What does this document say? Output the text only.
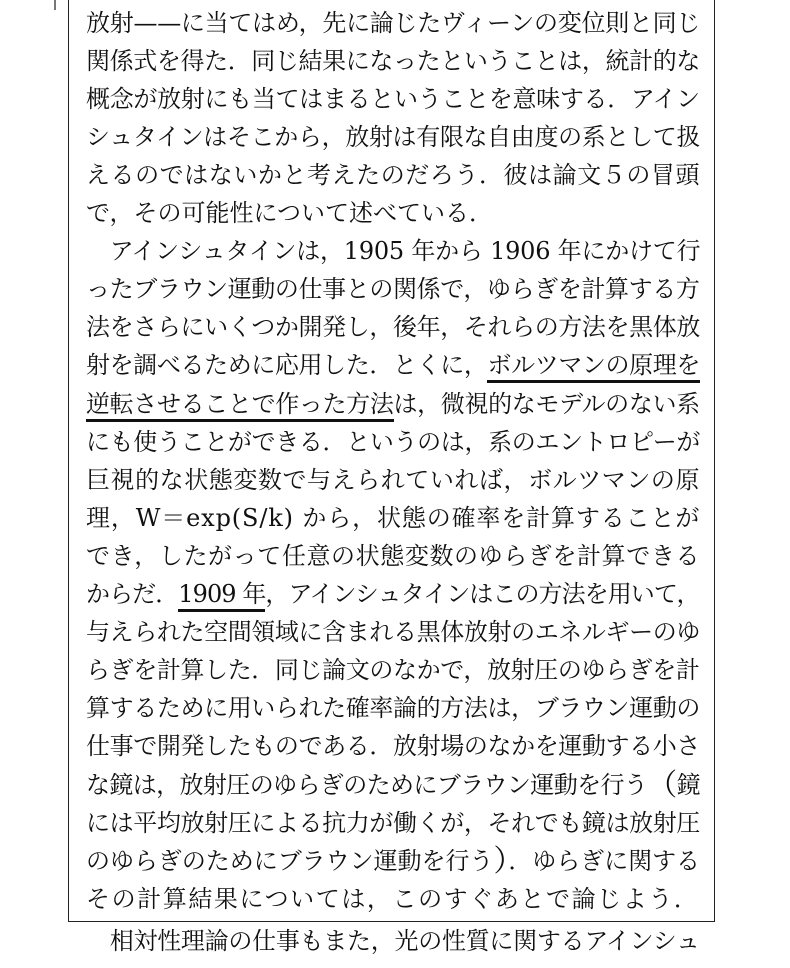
放射——に当てはめ，先に論じたヴィーンの変位則と同じ
関係式を得た．同じ結果になったということは，統計的な
概念が放射にも当てはまるということを意味する．アイン
シュタインはそこから，放射は有限な自由度の系として扱
えるのではないかと考えたのだろう．彼は論文５の冒頭
で，その可能性について述べている．
　アインシュタインは，1905 年から 1906 年にかけて行
ったブラウン運動の仕事との関係で，ゆらぎを計算する方
法をさらにいくつか開発し，後年，それらの方法を黒体放
射を調べるために応用した．とくに，ボルツマンの原理を
逆転させることで作った方法は，微視的なモデルのない系
にも使うことができる．というのは，系のエントロピーが
巨視的な状態変数で与えられていれば，ボルツマンの原
理，W＝exp(S/k) から，状態の確率を計算することが
でき，したがって任意の状態変数のゆらぎを計算できる
からだ．1909 年，アインシュタインはこの方法を用いて，
与えられた空間領域に含まれる黒体放射のエネルギーのゆ
らぎを計算した．同じ論文のなかで，放射圧のゆらぎを計
算するために用いられた確率論的方法は，ブラウン運動の
仕事で開発したものである．放射場のなかを運動する小さ
な鏡は，放射圧のゆらぎのためにブラウン運動を行う（鏡
には平均放射圧による抗力が働くが，それでも鏡は放射圧
のゆらぎのためにブラウン運動を行う）．ゆらぎに関する
その計算結果については，このすぐあとで論じよう．
　相対性理論の仕事もまた，光の性質に関するアインシュ
